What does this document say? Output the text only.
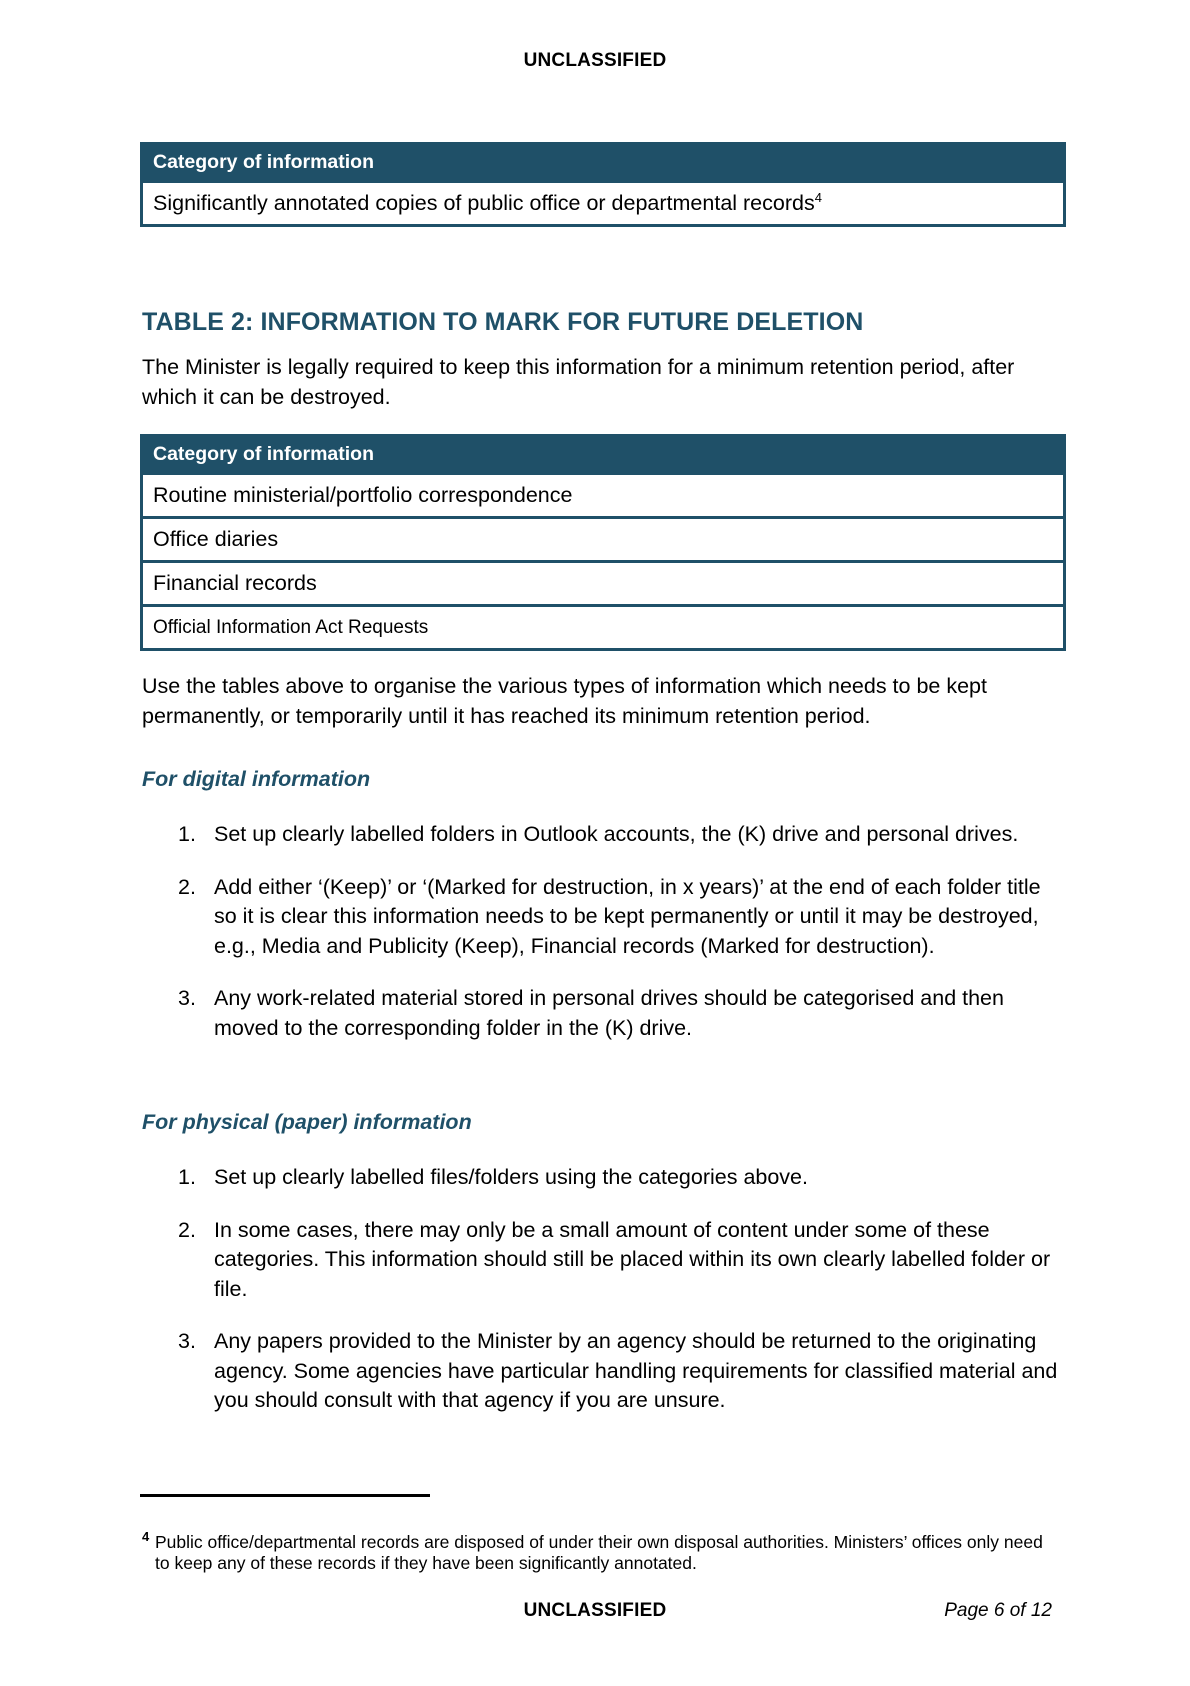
UNCLASSIFIED
Category of information
Significantly annotated copies of public office or departmental records$^4$
TABLE 2: INFORMATION TO MARK FOR FUTURE DELETION
The Minister is legally required to keep this information for a minimum retention period, after which it can be destroyed.
Category of information
Routine ministerial/portfolio correspondence
Office diaries
Financial records
Official Information Act Requests
Use the tables above to organise the various types of information which needs to be kept permanently, or temporarily until it has reached its minimum retention period.
For digital information
1. Set up clearly labelled folders in Outlook accounts, the (K) drive and personal drives.
2. Add either ‘(Keep)’ or ‘(Marked for destruction, in x years)’ at the end of each folder title so it is clear this information needs to be kept permanently or until it may be destroyed, e.g., Media and Publicity (Keep), Financial records (Marked for destruction).
3. Any work-related material stored in personal drives should be categorised and then moved to the corresponding folder in the (K) drive.
For physical (paper) information
1. Set up clearly labelled files/folders using the categories above.
2. In some cases, there may only be a small amount of content under some of these categories. This information should still be placed within its own clearly labelled folder or file.
3. Any papers provided to the Minister by an agency should be returned to the originating agency. Some agencies have particular handling requirements for classified material and you should consult with that agency if you are unsure.
4 Public office/departmental records are disposed of under their own disposal authorities. Ministers’ offices only need to keep any of these records if they have been significantly annotated.
UNCLASSIFIED	Page 6 of 12
